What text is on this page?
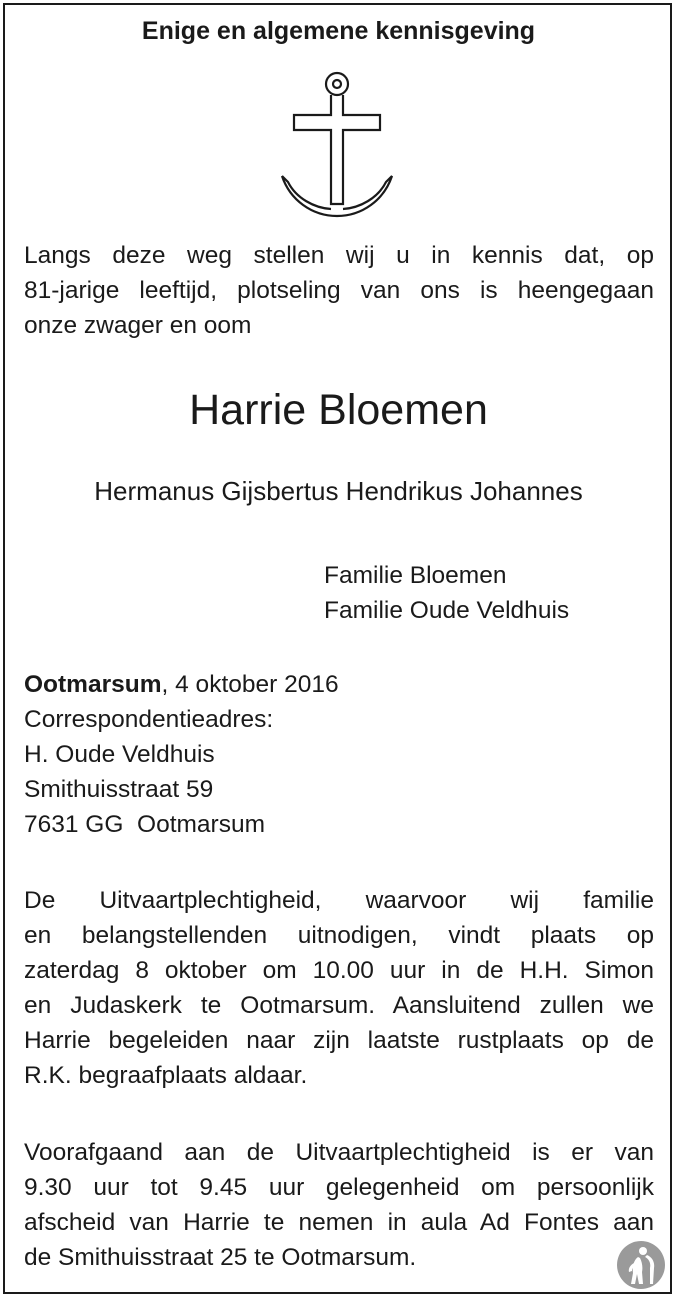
Enige en algemene kennisgeving
Langs deze weg stellen wij u in kennis dat, op
81-jarige leeftijd, plotseling van ons is heengegaan
onze zwager en oom
Harrie Bloemen
Hermanus Gijsbertus Hendrikus Johannes
Familie Bloemen
Familie Oude Veldhuis
Ootmarsum, 4 oktober 2016
Correspondentieadres:
H. Oude Veldhuis
Smithuisstraat 59
7631 GG  Ootmarsum
De Uitvaartplechtigheid, waarvoor wij familie
en belangstellenden uitnodigen, vindt plaats op
zaterdag 8 oktober om 10.00 uur in de H.H. Simon
en Judaskerk te Ootmarsum. Aansluitend zullen we
Harrie begeleiden naar zijn laatste rustplaats op de
R.K. begraafplaats aldaar.
Voorafgaand aan de Uitvaartplechtigheid is er van
9.30 uur tot 9.45 uur gelegenheid om persoonlijk
afscheid van Harrie te nemen in aula Ad Fontes aan
de Smithuisstraat 25 te Ootmarsum.
